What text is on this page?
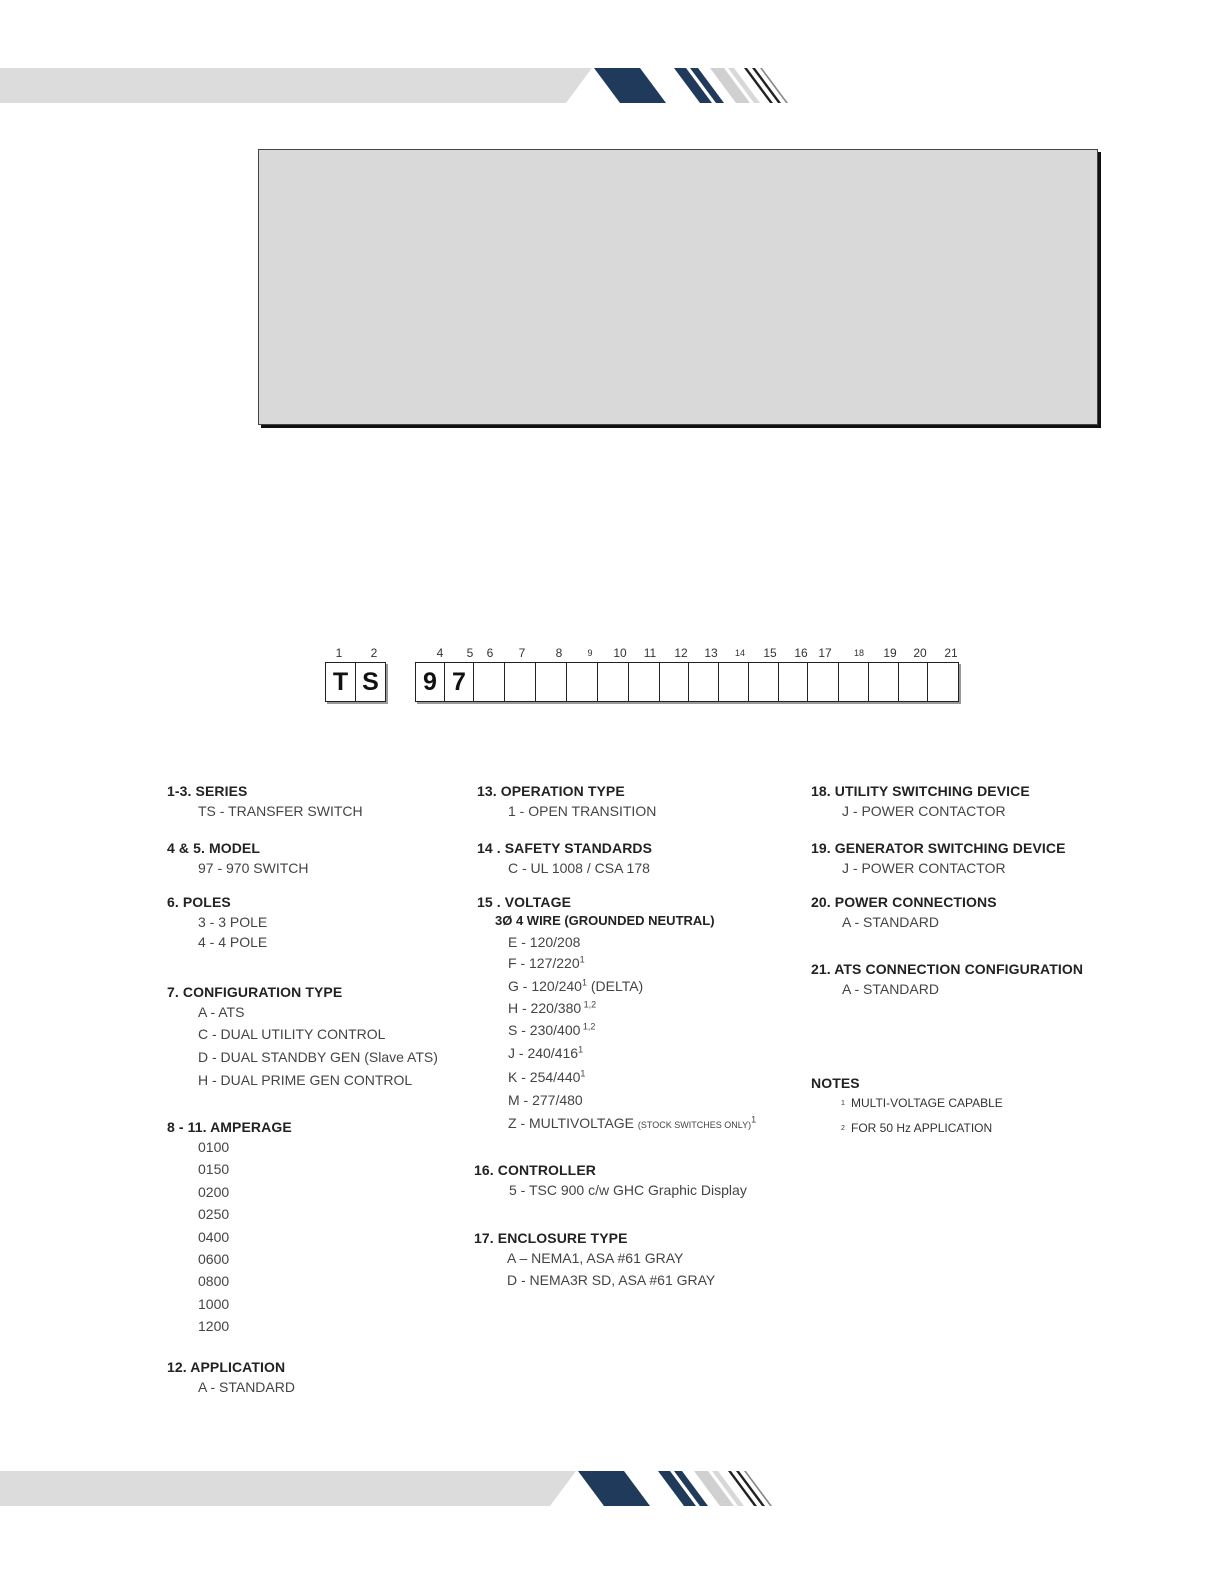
1 2
T S
4 5 6 7	8	9 10 11 12 13 14 15 16 17 18 19 20 21
9 7
1-3. SERIES
TS - TRANSFER SWITCH
4 & 5. MODEL
97 - 970 SWITCH
6. POLES
3 - 3 POLE
4 - 4 POLE
7. CONFIGURATION TYPE
A - ATS
C - DUAL UTILITY CONTROL
D - DUAL STANDBY GEN (Slave ATS)
H - DUAL PRIME GEN CONTROL
8 - 11. AMPERAGE
0100
0150
0200
0250
0400
0600
0800
1000
1200
12. APPLICATION
A - STANDARD
13. OPERATION TYPE
1 - OPEN TRANSITION
14 . SAFETY STANDARDS
C - UL 1008 / CSA 178
15 . VOLTAGE
3Ø 4 WIRE (GROUNDED NEUTRAL)
E - 120/208
F - $127/220^1$
G - $120/240^1$ (DELTA)
H - 220/380 $^{1,2}$
S - 230/400 $^{1,2}$
J - $240/416^1$
K - $254/440^1$
M - 277/480
Z - MULTIVOLTAGE (STOCK SWITCHES ONLY)$^1$
16. CONTROLLER
5 - TSC 900 c/w GHC Graphic Display
17. ENCLOSURE TYPE
A – NEMA1, ASA #61 GRAY
D - NEMA3R SD, ASA #61 GRAY
18. UTILITY SWITCHING DEVICE
J - POWER CONTACTOR
19. GENERATOR SWITCHING DEVICE
J - POWER CONTACTOR
20. POWER CONNECTIONS
A - STANDARD
21. ATS CONNECTION CONFIGURATION
A - STANDARD
NOTES
1 MULTI-VOLTAGE CAPABLE
2 FOR 50 Hz APPLICATION
